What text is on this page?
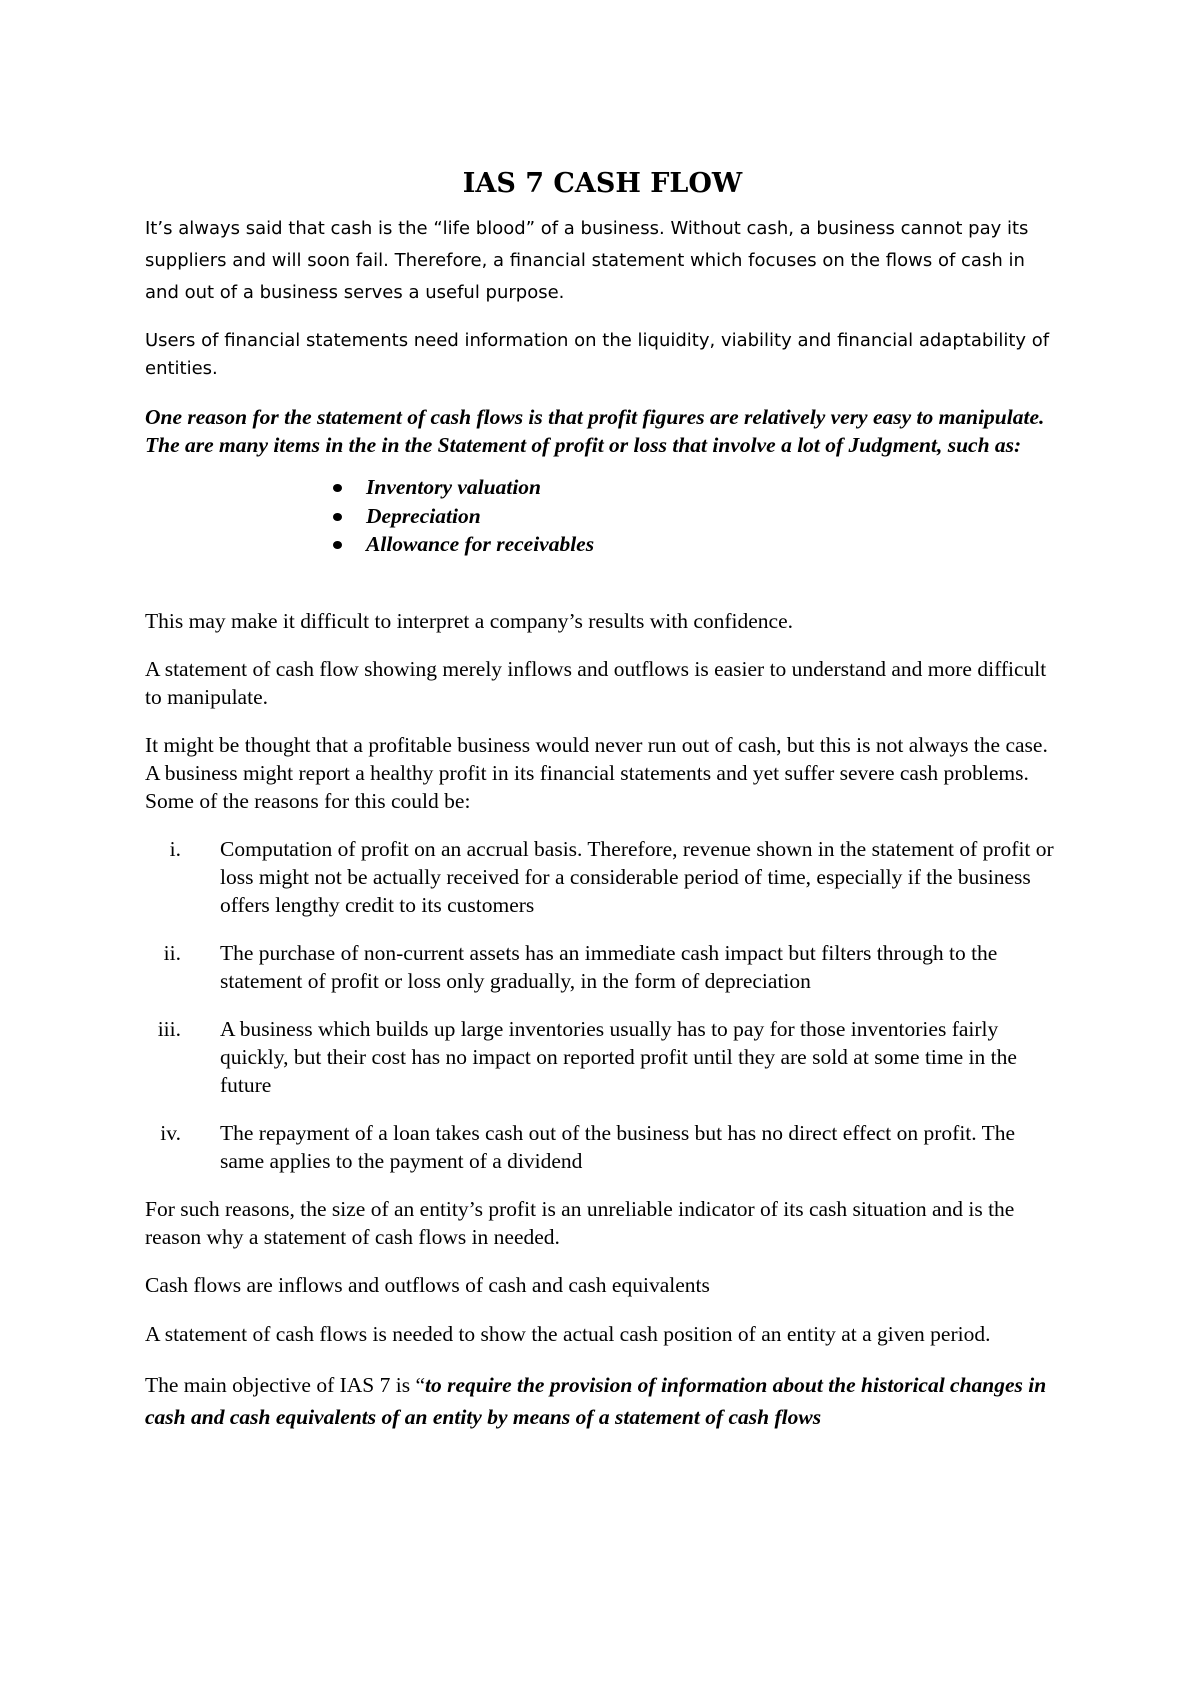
IAS 7 CASH FLOW

It’s always said that cash is the “life blood” of a business. Without cash, a business cannot pay its suppliers and will soon fail. Therefore, a financial statement which focuses on the flows of cash in and out of a business serves a useful purpose.

Users of financial statements need information on the liquidity, viability and financial adaptability of entities.

One reason for the statement of cash flows is that profit figures are relatively very easy to manipulate. The are many items in the in the Statement of profit or loss that involve a lot of Judgment, such as:

Inventory valuation
Depreciation
Allowance for receivables

This may make it difficult to interpret a company’s results with confidence.

A statement of cash flow showing merely inflows and outflows is easier to understand and more difficult to manipulate.

It might be thought that a profitable business would never run out of cash, but this is not always the case. A business might report a healthy profit in its financial statements and yet suffer severe cash problems. Some of the reasons for this could be:

i. Computation of profit on an accrual basis. Therefore, revenue shown in the statement of profit or loss might not be actually received for a considerable period of time, especially if the business offers lengthy credit to its customers
ii. The purchase of non-current assets has an immediate cash impact but filters through to the statement of profit or loss only gradually, in the form of depreciation
iii. A business which builds up large inventories usually has to pay for those inventories fairly quickly, but their cost has no impact on reported profit until they are sold at some time in the future
iv. The repayment of a loan takes cash out of the business but has no direct effect on profit. The same applies to the payment of a dividend

For such reasons, the size of an entity’s profit is an unreliable indicator of its cash situation and is the reason why a statement of cash flows in needed.

Cash flows are inflows and outflows of cash and cash equivalents

A statement of cash flows is needed to show the actual cash position of an entity at a given period.

The main objective of IAS 7 is “to require the provision of information about the historical changes in cash and cash equivalents of an entity by means of a statement of cash flows
